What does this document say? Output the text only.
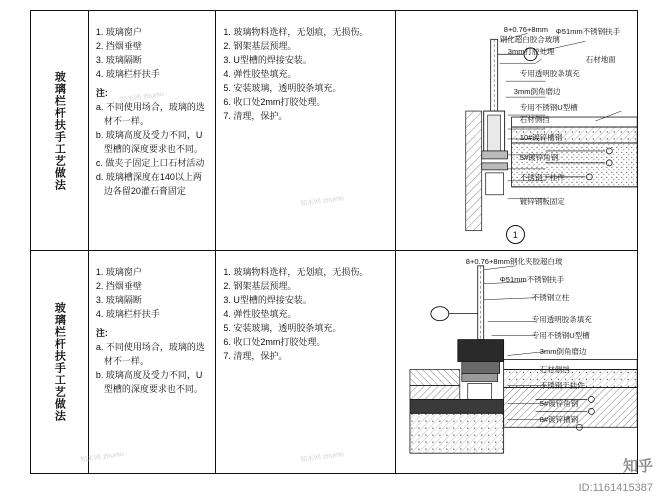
玻璃栏杆扶手工艺做法
1. 玻璃窗户
2. 挡烟垂壁
3. 玻璃隔断
4. 玻璃栏杆扶手
注:
a. 不同使用场合，玻璃的选材不一样。
b. 玻璃高度及受力不同，U型槽的深度要求也不同。
c. 做夹子固定上口石材活动
d. 玻璃槽深度在140以上两边各留20灌石膏固定
1. 玻璃物料选样，无划痕，无损伤。
2. 钢架基层预埋。
3. U型槽的焊接安装。
4. 弹性胶垫填充。
5. 安装玻璃，透明胶条填充。
6. 收口处2mm打胶处理。
7. 清理，保护。
8+0.76+8mm
钢化超白胶合玻璃
3mm打胶处理
Φ51mm不锈钢扶手
石材地面
专用透明胶条填充
3mm倒角磨边
专用不锈钢U型槽
石材侧挡
10#镀锌槽钢
5#镀锌角钢
不锈钢干挂件
镀锌钢板固定
1
玻璃栏杆扶手工艺做法
1. 玻璃窗户
2. 挡烟垂壁
3. 玻璃隔断
4. 玻璃栏杆扶手
注:
a. 不同使用场合，玻璃的选材不一样。
b. 玻璃高度及受力不同，U型槽的深度要求也不同。
1. 玻璃物料选样，无划痕，无损伤。
2. 钢架基层预埋。
3. U型槽的焊接安装。
4. 弹性胶垫填充。
5. 安装玻璃，透明胶条填充。
6. 收口处2mm打胶处理。
7. 清理，保护。
8+0.76+8mm钢化夹胶超白玻
Φ51mm不锈钢扶手
不锈钢立柱
专用透明胶条填充
专用不锈钢U型槽
3mm倒角磨边
石材侧挡
不锈钢干挂件
5#镀锌角钢
8#镀锌槽钢
知末网 zhumo
知末网 zhumo
知末网 zhumo	知末网 zhumo
知乎
ID:1161415387
